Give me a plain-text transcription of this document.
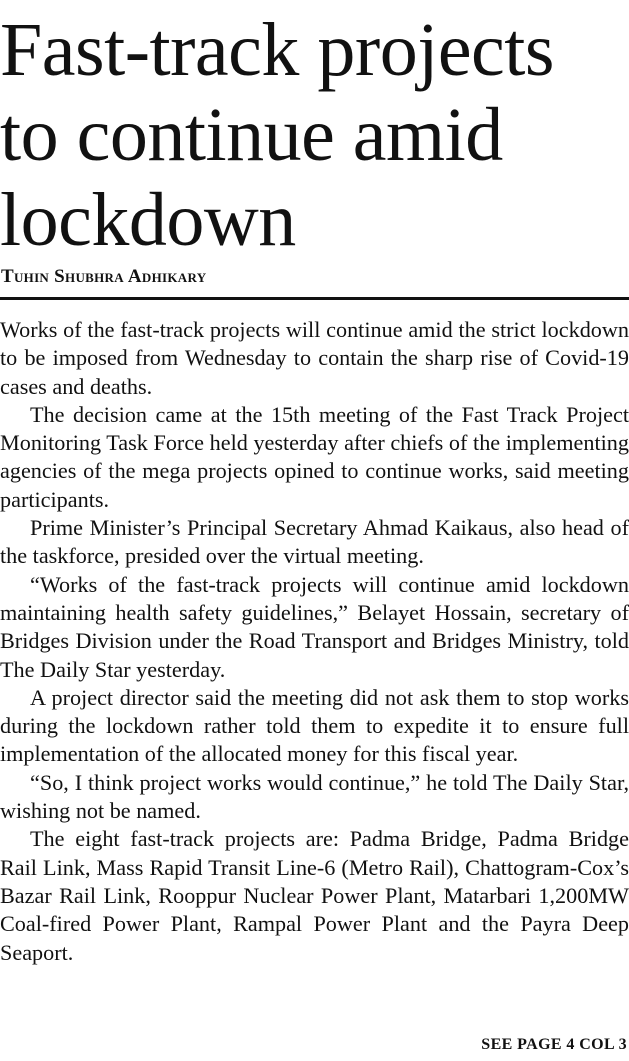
Fast-track projects to continue amid lockdown
Tuhin Shubhra Adhikary

Works of the fast-track projects will continue amid the strict lockdown to be imposed from Wednesday to contain the sharp rise of Covid-19 cases and deaths.

The decision came at the 15th meeting of the Fast Track Project Monitoring Task Force held yesterday after chiefs of the implementing agencies of the mega projects opined to continue works, said meeting participants.

Prime Minister’s Principal Secretary Ahmad Kaikaus, also head of the taskforce, presided over the virtual meeting.

“Works of the fast-track projects will continue amid lockdown maintaining health safety guidelines,” Belayet Hossain, secretary of Bridges Division under the Road Transport and Bridges Ministry, told The Daily Star yesterday.

A project director said the meeting did not ask them to stop works during the lockdown rather told them to expedite it to ensure full implementation of the allocated money for this fiscal year.

“So, I think project works would continue,” he told The Daily Star, wishing not be named.

The eight fast-track projects are: Padma Bridge, Padma Bridge Rail Link, Mass Rapid Transit Line-6 (Metro Rail), Chattogram-Cox’s Bazar Rail Link, Rooppur Nuclear Power Plant, Matarbari 1,200MW Coal-fired Power Plant, Rampal Power Plant and the Payra Deep Seaport.

SEE PAGE 4 COL 3
